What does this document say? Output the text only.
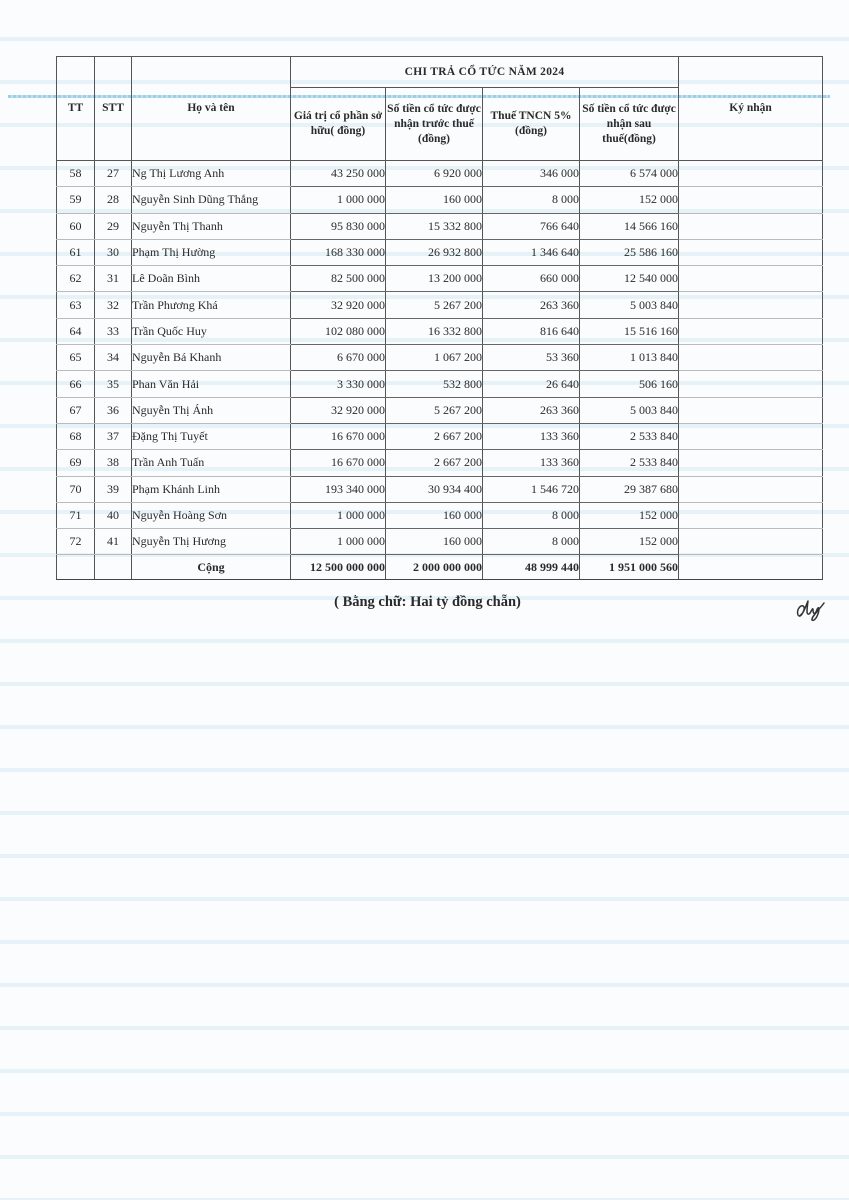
TT	STT	Họ và tên	CHI TRẢ CỔ TỨC NĂM 2024				Ký nhận
			Giá trị cổ phần sở hữu( đồng)	Số tiền cổ tức được nhận trước thuế (đồng)	Thuế TNCN 5%(đồng)	Số tiền cổ tức được nhận sau thuế(đồng)	
58	27	Ng Thị Lương Anh	43 250 000	6 920 000	346 000	6 574 000	
59	28	Nguyễn Sinh Dũng Thắng	1 000 000	160 000	8 000	152 000	
60	29	Nguyễn Thị Thanh	95 830 000	15 332 800	766 640	14 566 160	
61	30	Phạm Thị Hường	168 330 000	26 932 800	1 346 640	25 586 160	
62	31	Lê Doãn Bình	82 500 000	13 200 000	660 000	12 540 000	
63	32	Trần Phương Khá	32 920 000	5 267 200	263 360	5 003 840	
64	33	Trần Quốc Huy	102 080 000	16 332 800	816 640	15 516 160	
65	34	Nguyễn Bá Khanh	6 670 000	1 067 200	53 360	1 013 840	
66	35	Phan Văn Hải	3 330 000	532 800	26 640	506 160	
67	36	Nguyễn Thị Ánh	32 920 000	5 267 200	263 360	5 003 840	
68	37	Đặng Thị Tuyết	16 670 000	2 667 200	133 360	2 533 840	
69	38	Trần Anh Tuấn	16 670 000	2 667 200	133 360	2 533 840	
70	39	Phạm Khánh Linh	193 340 000	30 934 400	1 546 720	29 387 680	
71	40	Nguyễn Hoàng Sơn	1 000 000	160 000	8 000	152 000	
72	41	Nguyễn Thị Hương	1 000 000	160 000	8 000	152 000	
		Cộng	12 500 000 000	2 000 000 000	48 999 440	1 951 000 560	
( Bằng chữ: Hai tỷ đồng chẵn)
